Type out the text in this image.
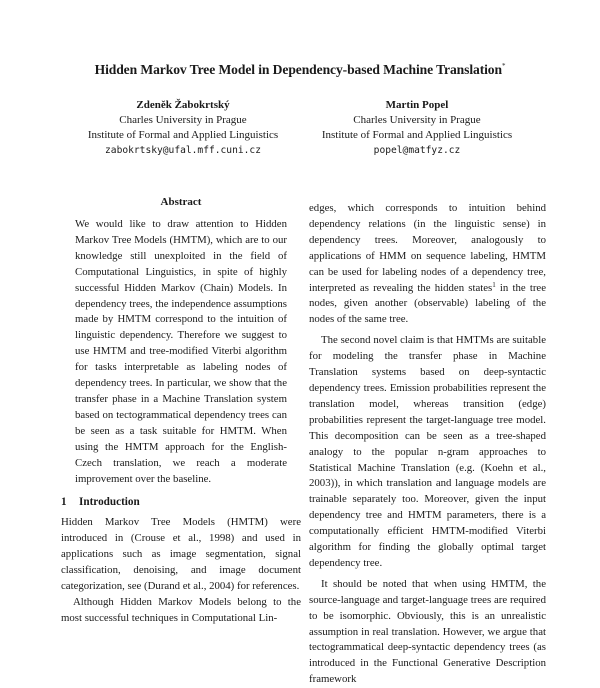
Hidden Markov Tree Model in Dependency-based Machine Translation*
Zdeněk Žabokrtský
Charles University in Prague
Institute of Formal and Applied Linguistics
zabokrtsky@ufal.mff.cuni.cz
Martin Popel
Charles University in Prague
Institute of Formal and Applied Linguistics
popel@matfyz.cz
Abstract

We would like to draw attention to Hidden Markov Tree Models (HMTM), which are to our knowledge still unexploited in the field of Computational Linguistics, in spite of highly successful Hidden Markov (Chain) Models. In dependency trees, the independence assumptions made by HMTM correspond to the intuition of linguistic dependency. Therefore we suggest to use HMTM and tree-modified Viterbi algorithm for tasks interpretable as labeling nodes of dependency trees. In particular, we show that the transfer phase in a Machine Translation system based on tectogrammatical dependency trees can be seen as a task suitable for HMTM. When using the HMTM approach for the English-Czech translation, we reach a moderate improvement over the baseline.

1 Introduction

Hidden Markov Tree Models (HMTM) were introduced in (Crouse et al., 1998) and used in applications such as image segmentation, signal classification, denoising, and image document categorization, see (Durand et al., 2004) for references.

Although Hidden Markov Models belong to the most successful techniques in Computational Lin-

edges, which corresponds to intuition behind dependency relations (in the linguistic sense) in dependency trees. Moreover, analogously to applications of HMM on sequence labeling, HMTM can be used for labeling nodes of a dependency tree, interpreted as revealing the hidden states$^1$ in the tree nodes, given another (observable) labeling of the nodes of the same tree.

The second novel claim is that HMTMs are suitable for modeling the transfer phase in Machine Translation systems based on deep-syntactic dependency trees. Emission probabilities represent the translation model, whereas transition (edge) probabilities represent the target-language tree model. This decomposition can be seen as a tree-shaped analogy to the popular n-gram approaches to Statistical Machine Translation (e.g. (Koehn et al., 2003)), in which translation and language models are trainable separately too. Moreover, given the input dependency tree and HMTM parameters, there is a computationally efficient HMTM-modified Viterbi algorithm for finding the globally optimal target dependency tree.

It should be noted that when using HMTM, the source-language and target-language trees are required to be isomorphic. Obviously, this is an unrealistic assumption in real translation. However, we argue that tectogrammatical deep-syntactic dependency trees (as introduced in the Functional Generative Description framework
